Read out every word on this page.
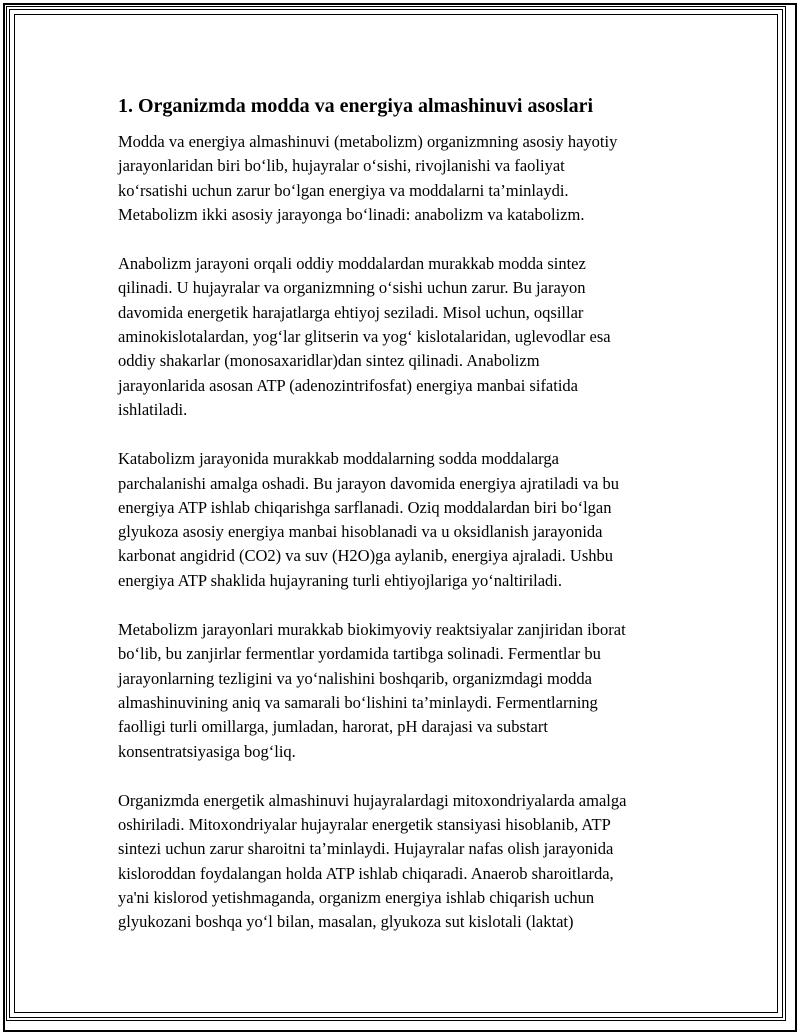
1. Organizmda modda va energiya almashinuvi asoslari
Modda va energiya almashinuvi (metabolizm) organizmning asosiy hayotiy
jarayonlaridan biri bo‘lib, hujayralar o‘sishi, rivojlanishi va faoliyat
ko‘rsatishi uchun zarur bo‘lgan energiya va moddalarni ta’minlaydi.
Metabolizm ikki asosiy jarayonga bo‘linadi: anabolizm va katabolizm.
Anabolizm jarayoni orqali oddiy moddalardan murakkab modda sintez
qilinadi. U hujayralar va organizmning o‘sishi uchun zarur. Bu jarayon
davomida energetik harajatlarga ehtiyoj seziladi. Misol uchun, oqsillar
aminokislotalardan, yog‘lar glitserin va yog‘ kislotalaridan, uglevodlar esa
oddiy shakarlar (monosaxaridlar)dan sintez qilinadi. Anabolizm
jarayonlarida asosan ATP (adenozintrifosfat) energiya manbai sifatida
ishlatiladi.
Katabolizm jarayonida murakkab moddalarning sodda moddalarga
parchalanishi amalga oshadi. Bu jarayon davomida energiya ajratiladi va bu
energiya ATP ishlab chiqarishga sarflanadi. Oziq moddalardan biri bo‘lgan
glyukoza asosiy energiya manbai hisoblanadi va u oksidlanish jarayonida
karbonat angidrid (CO2) va suv (H2O)ga aylanib, energiya ajraladi. Ushbu
energiya ATP shaklida hujayraning turli ehtiyojlariga yo‘naltiriladi.
Metabolizm jarayonlari murakkab biokimyoviy reaktsiyalar zanjiridan iborat
bo‘lib, bu zanjirlar fermentlar yordamida tartibga solinadi. Fermentlar bu
jarayonlarning tezligini va yo‘nalishini boshqarib, organizmdagi modda
almashinuvining aniq va samarali bo‘lishini ta’minlaydi. Fermentlarning
faolligi turli omillarga, jumladan, harorat, pH darajasi va substart
konsentratsiyasiga bog‘liq.
Organizmda energetik almashinuvi hujayralardagi mitoxondriyalarda amalga
oshiriladi. Mitoxondriyalar hujayralar energetik stansiyasi hisoblanib, ATP
sintezi uchun zarur sharoitni ta’minlaydi. Hujayralar nafas olish jarayonida
kisloroddan foydalangan holda ATP ishlab chiqaradi. Anaerob sharoitlarda,
ya'ni kislorod yetishmaganda, organizm energiya ishlab chiqarish uchun
glyukozani boshqa yo‘l bilan, masalan, glyukoza sut kislotali (laktat)
